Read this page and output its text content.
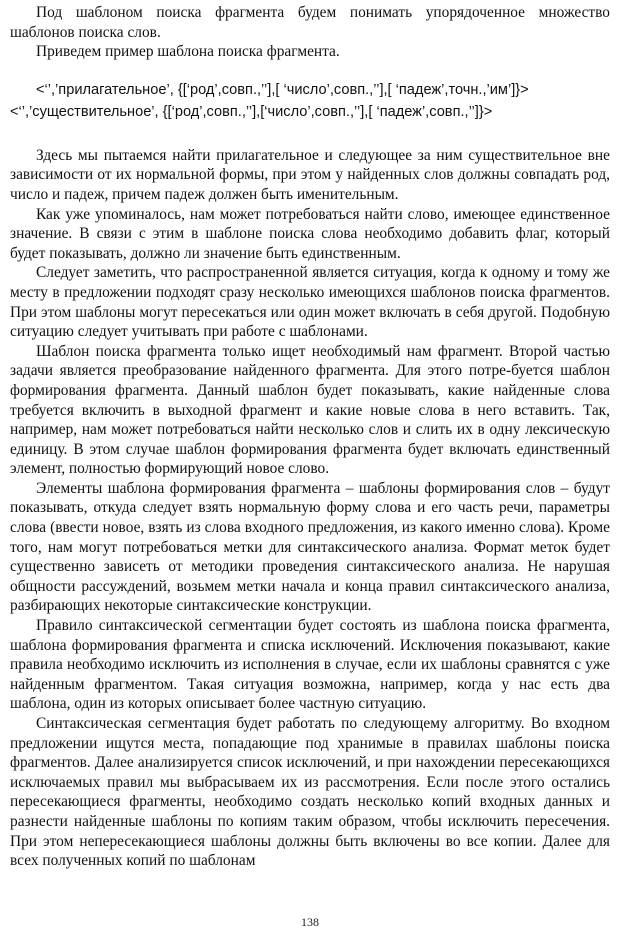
Под шаблоном поиска фрагмента будем понимать упорядоченное множество шаблонов поиска слов.

Приведем пример шаблона поиска фрагмента.

<‘’,’прилагательное’, {[‘род’,совп.,’’],[ ‘число’,совп.,’’],[ ‘падеж’,точн.,’им’]}>
<‘’,’существительное’, {[‘род’,совп.,’’],[‘число’,совп.,’’],[ ‘падеж’,совп.,’’]}>

Здесь мы пытаемся найти прилагательное и следующее за ним существительное вне зависимости от их нормальной формы, при этом у найденных слов должны совпадать род, число и падеж, причем падеж должен быть именительным.

Как уже упоминалось, нам может потребоваться найти слово, имеющее единственное значение. В связи с этим в шаблоне поиска слова необходимо добавить флаг, который будет показывать, должно ли значение быть единственным.

Следует заметить, что распространенной является ситуация, когда к одному и тому же месту в предложении подходят сразу несколько имеющихся шаблонов поиска фрагментов. При этом шаблоны могут пересекаться или один может включать в себя другой. Подобную ситуацию следует учитывать при работе с шаблонами.

Шаблон поиска фрагмента только ищет необходимый нам фрагмент. Второй частью задачи является преобразование найденного фрагмента. Для этого потре-буется шаблон формирования фрагмента. Данный шаблон будет показывать, какие найденные слова требуется включить в выходной фрагмент и какие новые слова в него вставить. Так, например, нам может потребоваться найти несколько слов и слить их в одну лексическую единицу. В этом случае шаблон формирования фрагмента будет включать единственный элемент, полностью формирующий новое слово.

Элементы шаблона формирования фрагмента – шаблоны формирования слов – будут показывать, откуда следует взять нормальную форму слова и его часть речи, параметры слова (ввести новое, взять из слова входного предложения, из какого именно слова). Кроме того, нам могут потребоваться метки для синтаксического анализа. Формат меток будет существенно зависеть от методики проведения синтаксического анализа. Не нарушая общности рассуждений, возьмем метки начала и конца правил синтаксического анализа, разбирающих некоторые синтаксические конструкции.

Правило синтаксической сегментации будет состоять из шаблона поиска фрагмента, шаблона формирования фрагмента и списка исключений. Исключения показывают, какие правила необходимо исключить из исполнения в случае, если их шаблоны сравнятся с уже найденным фрагментом. Такая ситуация возможна, например, когда у нас есть два шаблона, один из которых описывает более частную ситуацию.

Синтаксическая сегментация будет работать по следующему алгоритму. Во входном предложении ищутся места, попадающие под хранимые в правилах шаблоны поиска фрагментов. Далее анализируется список исключений, и при нахождении пересекающихся исключаемых правил мы выбрасываем их из рассмотрения. Если после этого остались пересекающиеся фрагменты, необходимо создать несколько копий входных данных и разнести найденные шаблоны по копиям таким образом, чтобы исключить пересечения. При этом непересекающиеся шаблоны должны быть включены во все копии. Далее для всех полученных копий по шаблонам

138
